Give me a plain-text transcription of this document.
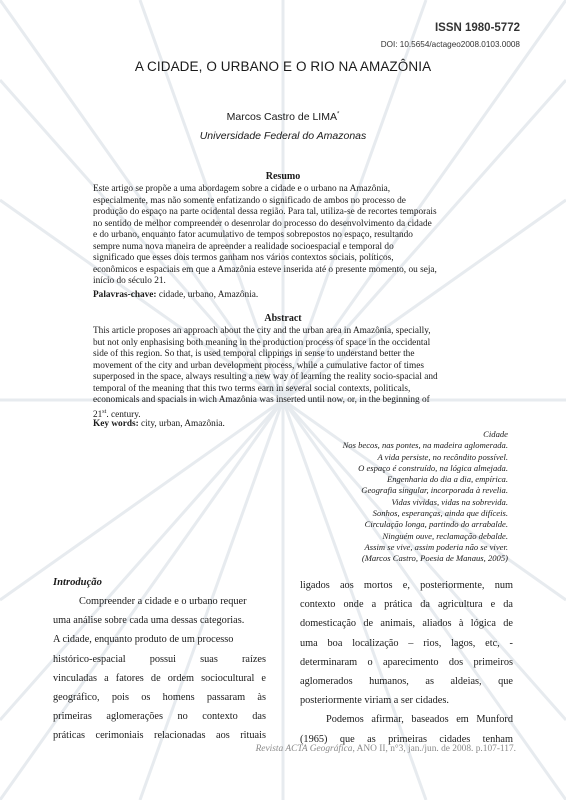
ISSN 1980-5772
DOI: 10.5654/actageo2008.0103.0008
A CIDADE, O URBANO E O RIO NA AMAZÔNIA
Marcos Castro de LIMA*
Universidade Federal do Amazonas
Resumo

Este artigo se propõe a uma abordagem sobre a cidade e o urbano na Amazônia,

especialmente, mas não somente enfatizando o significado de ambos no processo de

produção do espaço na parte ocidental dessa região. Para tal, utiliza-se de recortes temporais

no sentido de melhor compreender o desenrolar do processo do desenvolvimento da cidade

e do urbano, enquanto fator acumulativo de tempos sobrepostos no espaço, resultando

sempre numa nova maneira de apreender a realidade socioespacial e temporal do

significado que esses dois termos ganham nos vários contextos sociais, políticos,

econômicos e espaciais em que a Amazônia esteve inserida até o presente momento, ou seja,

início do século 21.

Palavras-chave: cidade, urbano, Amazônia.
Abstract

This article proposes an approach about the city and the urban area in Amazônia, specially,

but not only enphasising both meaning in the production process of space in the occidental

side of this region. So that, is used temporal clippings in sense to understand better the

movement of the city and urban development process, while a cumulative factor of times

superposed in the space, always resulting a new way of learning the reality socio-spacial and

temporal of the meaning that this two terms earn in several social contexts, politicals,

economicals and spacials in wich Amazônia was inserted until now, or, in the beginning of

21st. century.

Key words: city, urban, Amazônia.
Cidade
Nos becos, nas pontes, na madeira aglomerada.
A vida persiste, no recôndito possível.
O espaço é construído, na lógica almejada.
Engenharia do dia a dia, empírica.
Geografia singular, incorporada à revelia.
Vidas vividas, vidas na sobrevida.
Sonhos, esperanças, ainda que difíceis.
Circulação longa, partindo do arrabalde.
Ninguém ouve, reclamação debalde.
Assim se vive, assim poderia não se viver.
(Marcos Castro, Poesia de Manaus, 2005)
Introdução

Compreender a cidade e o urbano requer

uma análise sobre cada uma dessas categorias.

A cidade, enquanto produto de um processo

histórico-espacial possui suas raízes

vinculadas a fatores de ordem sociocultural e

geográfico, pois os homens passaram às

primeiras aglomerações no contexto das

práticas cerimoniais relacionadas aos rituais

ligados aos mortos e, posteriormente, num

contexto onde a prática da agricultura e da

domesticação de animais, aliados à lógica de

uma boa localização – rios, lagos, etc, -

determinaram o aparecimento dos primeiros

aglomerados humanos, as aldeias, que

posteriormente viriam a ser cidades.

Podemos afirmar, baseados em Munford

(1965) que as primeiras cidades tenham

Revista ACTA Geográfica, ANO II, n°3, jan./jun. de 2008. p.107-117.
